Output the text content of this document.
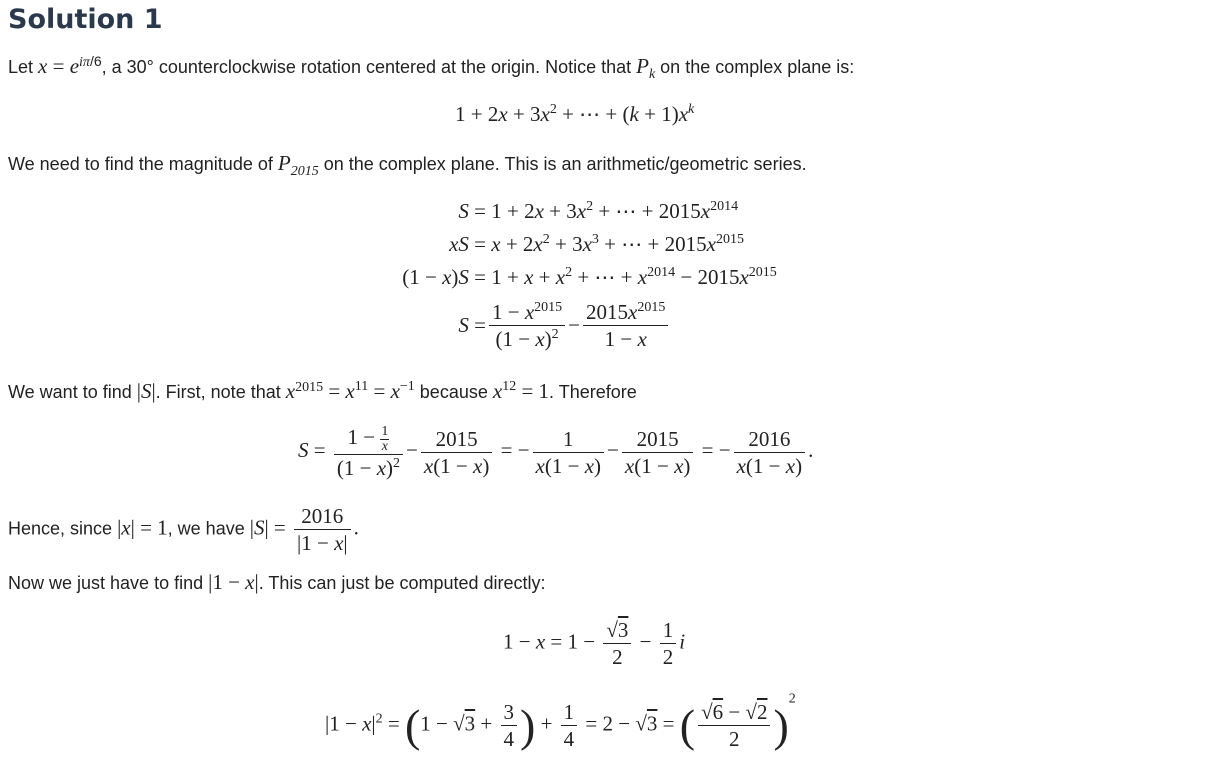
Solution 1
Let $x = e^{i\pi/6}$, a 30° counterclockwise rotation centered at the origin. Notice that $P_k$ on the complex plane is:
$1 + 2x + 3x^2$ + ⋯ + $(k + 1)x^k$
We need to find the magnitude of $P_{2015}$ on the complex plane. This is an arithmetic/geometric series.
$S = 1 + 2x + 3x^2$ + ⋯ + $2015x^{2014}$
xS = $x + 2x^2 + 3x^3$ + ⋯ + $2015x^{2015}$
$(1 - x)S = 1 + x + x^2$ + ⋯ + $x^{2014} - 2015x^{2015}$
$S = \frac{1 - x^{2015}}{(1 - x)^2} - \frac{2015x^{2015}}{1 - x}$
We want to find |S|. First, note that $x^{2015} = x^{11} = x^{-1}$ because $x^{12} = 1$. Therefore
$S = \frac{1 - \frac{1}{x}}{(1 - x)^2} - \frac{2015}{x(1 - x)}$ = − $\frac{1}{x(1 - x)} - \frac{2015}{x(1 - x)}$ = − $\frac{2016}{x(1 - x)}$ .
Hence, since |x| = 1, we have $|S| = \frac{2016}{|1 - x|}$ .
Now we just have to find |1 − x|. This can just be computed directly:
$1 - x = 1 - \frac{√3}{2} - \frac{1}{2}$ i
$|1 - x|^2 = (1 - √3 + \frac{3}{4}$ ) + $\frac{1}{4} = 2 - √3$ = ( $\frac{√6 - √2}{2} )^2$
